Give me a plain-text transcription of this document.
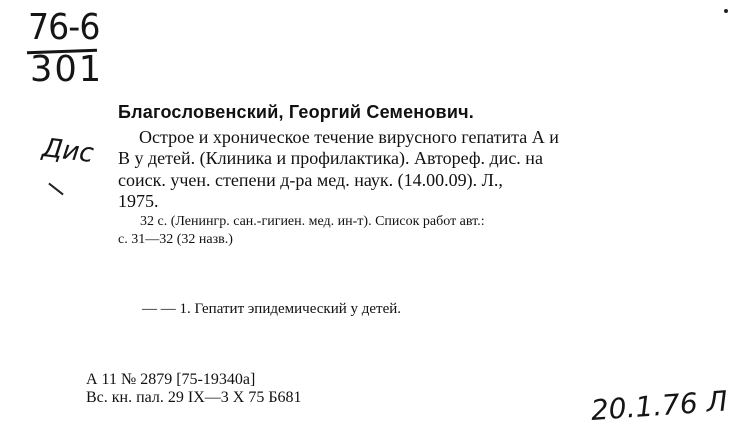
76-6
301
Дис
Благословенский, Георгий Семенович.
Острое и хроническое течение вирусного гепатита А и
В у детей. (Клиника и профилактика). Автореф. дис. на
соиск. учен. степени д-ра мед. наук. (14.00.09). Л.,
1975.
32 с. (Ленингр. сан.-гигиен. мед. ин-т). Список работ авт.:
с. 31—32 (32 назв.)
— — 1. Гепатит эпидемический у детей.
А 11 № 2879 [75-19340а]
Вс. кн. пал. 29 IX—3 X 75 Б681	20.1.76 Л
